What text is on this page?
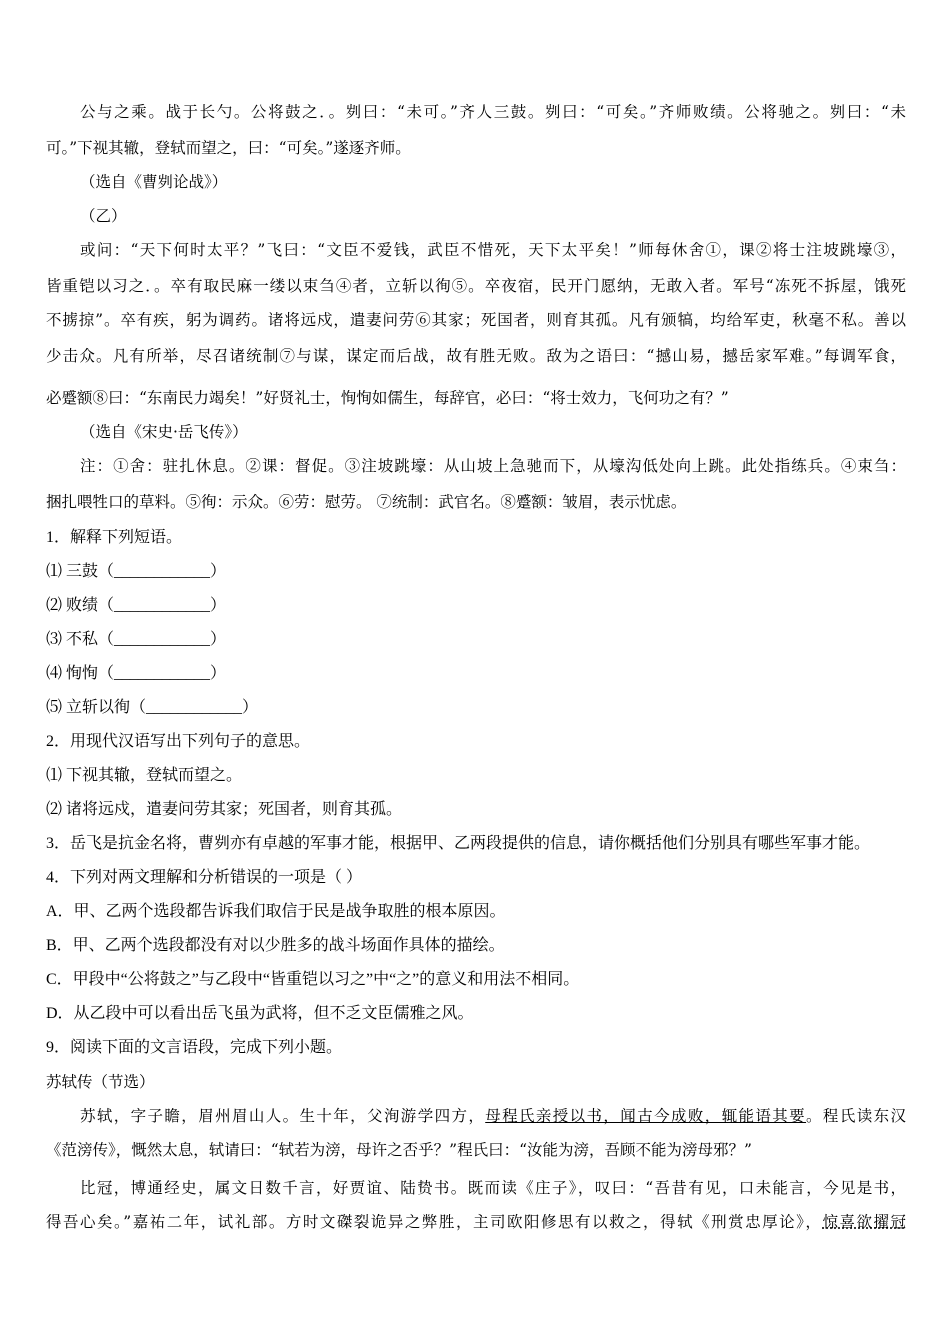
公与之乘。战于长勺。公将鼓之．。刿曰：“未可。”齐人三鼓。刿曰：“可矣。”齐师败绩。公将驰之。刿曰：“未
可。”下视其辙，登轼而望之，曰：“可矣。”遂逐齐师。
（选自《曹刿论战》）
（乙）
或问：“天下何时太平？”飞曰：“文臣不爱钱，武臣不惜死，天下太平矣！”师每休舍①，课②将士注坡跳壕③，
皆重铠以习之．。卒有取民麻一缕以束刍④者，立斩以徇⑤。卒夜宿，民开门愿纳，无敢入者。军号“冻死不拆屋，饿死
不掳掠”。卒有疾，躬为调药。诸将远戍，遣妻问劳⑥其家；死国者，则育其孤。凡有颁犒，均给军吏，秋毫不私。善以
少击众。凡有所举，尽召诸统制⑦与谋，谋定而后战，故有胜无败。敌为之语曰：“撼山易，撼岳家军难。”每调军食，
必蹙额⑧曰：“东南民力竭矣！”好贤礼士，恂恂如儒生，每辞官，必曰：“将士效力，飞何功之有？”
（选自《宋史·岳飞传》）
注：①舍：驻扎休息。②课：督促。③注坡跳壕：从山坡上急驰而下，从壕沟低处向上跳。此处指练兵。④束刍：
捆扎喂牲口的草料。⑤徇：示众。⑥劳：慰劳。 ⑦统制：武官名。⑧蹙额：皱眉，表示忧虑。
1．解释下列短语。
⑴ 三鼓（____________）
⑵ 败绩（____________）
⑶ 不私（____________）
⑷ 恂恂（____________）
⑸ 立斩以徇（____________）
2．用现代汉语写出下列句子的意思。
⑴ 下视其辙，登轼而望之。
⑵ 诸将远戍，遣妻问劳其家；死国者，则育其孤。
3．岳飞是抗金名将，曹刿亦有卓越的军事才能，根据甲、乙两段提供的信息，请你概括他们分别具有哪些军事才能。
4．下列对两文理解和分析错误的一项是（ ）
A．甲、乙两个选段都告诉我们取信于民是战争取胜的根本原因。
B．甲、乙两个选段都没有对以少胜多的战斗场面作具体的描绘。
C．甲段中“公将鼓之”与乙段中“皆重铠以习之”中“之”的意义和用法不相同。
D．从乙段中可以看出岳飞虽为武将，但不乏文臣儒雅之风。
9．阅读下面的文言语段，完成下列小题。
苏轼传（节选）
苏轼，字子瞻，眉州眉山人。生十年，父洵游学四方，母程氏亲授以书，闻古今成败，辄能语其要。程氏读东汉
《范滂传》，慨然太息，轼请曰：“轼若为滂，母许之否乎？”程氏曰：“汝能为滂，吾顾不能为滂母邪？”
比冠，博通经史，属文日数千言，好贾谊、陆贽书。既而读《庄子》，叹曰：“吾昔有见，口未能言，今见是书，
得吾心矣。”嘉祐二年，试礼部。方时文磔裂诡异之弊胜，主司欧阳修思有以救之，得轼《刑赏忠厚论》，惊喜欲擢冠
